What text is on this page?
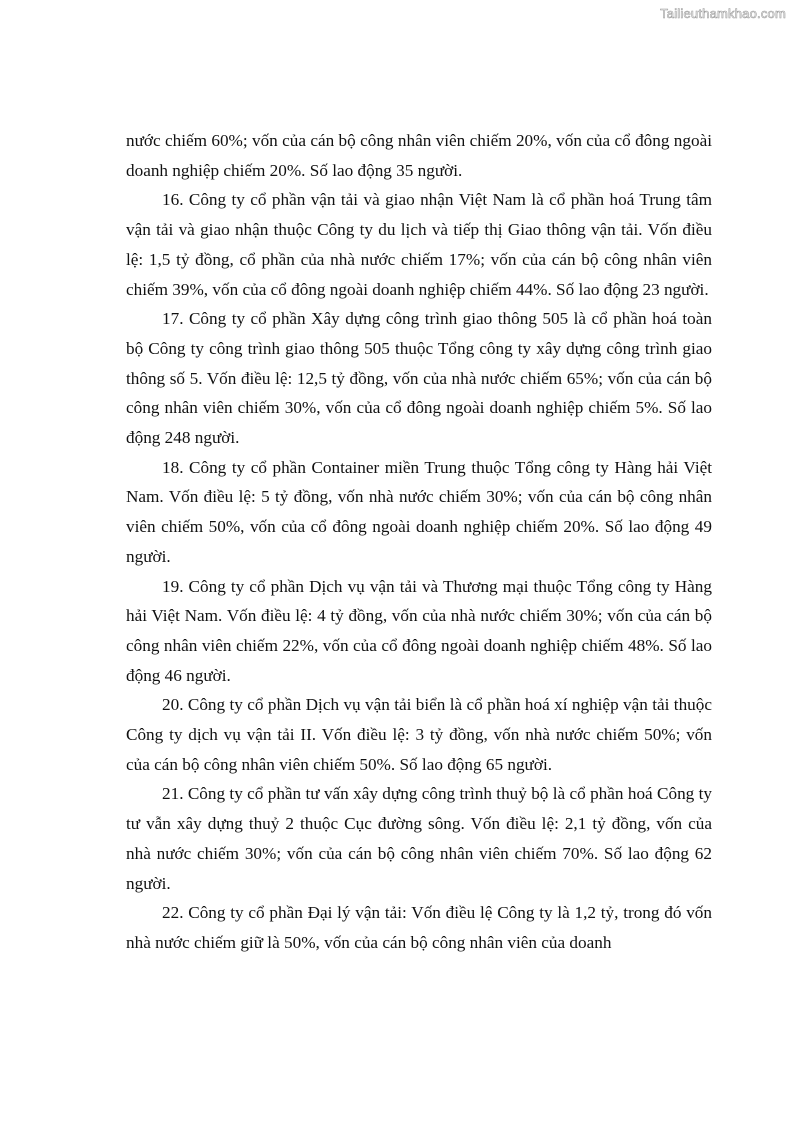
Tailieuthamkhao.com

nước chiếm 60%; vốn của cán bộ công nhân viên chiếm 20%, vốn của cổ đông ngoài doanh nghiệp chiếm 20%. Số lao động 35 người.

16. Công ty cổ phần vận tải và giao nhận Việt Nam là cổ phần hoá Trung tâm vận tải và giao nhận thuộc Công ty du lịch và tiếp thị Giao thông vận tải. Vốn điều lệ: 1,5 tỷ đồng, cổ phần của nhà nước chiếm 17%; vốn của cán bộ công nhân viên chiếm 39%, vốn của cổ đông ngoài doanh nghiệp chiếm 44%. Số lao động 23 người.

17. Công ty cổ phần Xây dựng công trình giao thông 505 là cổ phần hoá toàn bộ Công ty công trình giao thông 505 thuộc Tổng công ty xây dựng công trình giao thông số 5. Vốn điều lệ: 12,5 tỷ đồng, vốn của nhà nước chiếm 65%; vốn của cán bộ công nhân viên chiếm 30%, vốn của cổ đông ngoài doanh nghiệp chiếm 5%. Số lao động 248 người.

18. Công ty cổ phần Container miền Trung thuộc Tổng công ty Hàng hải Việt Nam. Vốn điều lệ: 5 tỷ đồng, vốn nhà nước chiếm 30%; vốn của cán bộ công nhân viên chiếm 50%, vốn của cổ đông ngoài doanh nghiệp chiếm 20%. Số lao động 49 người.

19. Công ty cổ phần Dịch vụ vận tải và Thương mại thuộc Tổng công ty Hàng hải Việt Nam. Vốn điều lệ: 4 tỷ đồng, vốn của nhà nước chiếm 30%; vốn của cán bộ công nhân viên chiếm 22%, vốn của cổ đông ngoài doanh nghiệp chiếm 48%. Số lao động 46 người.

20. Công ty cổ phần Dịch vụ vận tải biển là cổ phần hoá xí nghiệp vận tải thuộc Công ty dịch vụ vận tải II. Vốn điều lệ: 3 tỷ đồng, vốn nhà nước chiếm 50%; vốn của cán bộ công nhân viên chiếm 50%. Số lao động 65 người.

21. Công ty cổ phần tư vấn xây dựng công trình thuỷ bộ là cổ phần hoá Công ty tư vẫn xây dựng thuỷ 2 thuộc Cục đường sông. Vốn điều lệ: 2,1 tỷ đồng, vốn của nhà nước chiếm 30%; vốn của cán bộ công nhân viên chiếm 70%. Số lao động 62 người.

22. Công ty cổ phần Đại lý vận tải: Vốn điều lệ Công ty là 1,2 tỷ, trong đó vốn nhà nước chiếm giữ là 50%, vốn của cán bộ công nhân viên của doanh
